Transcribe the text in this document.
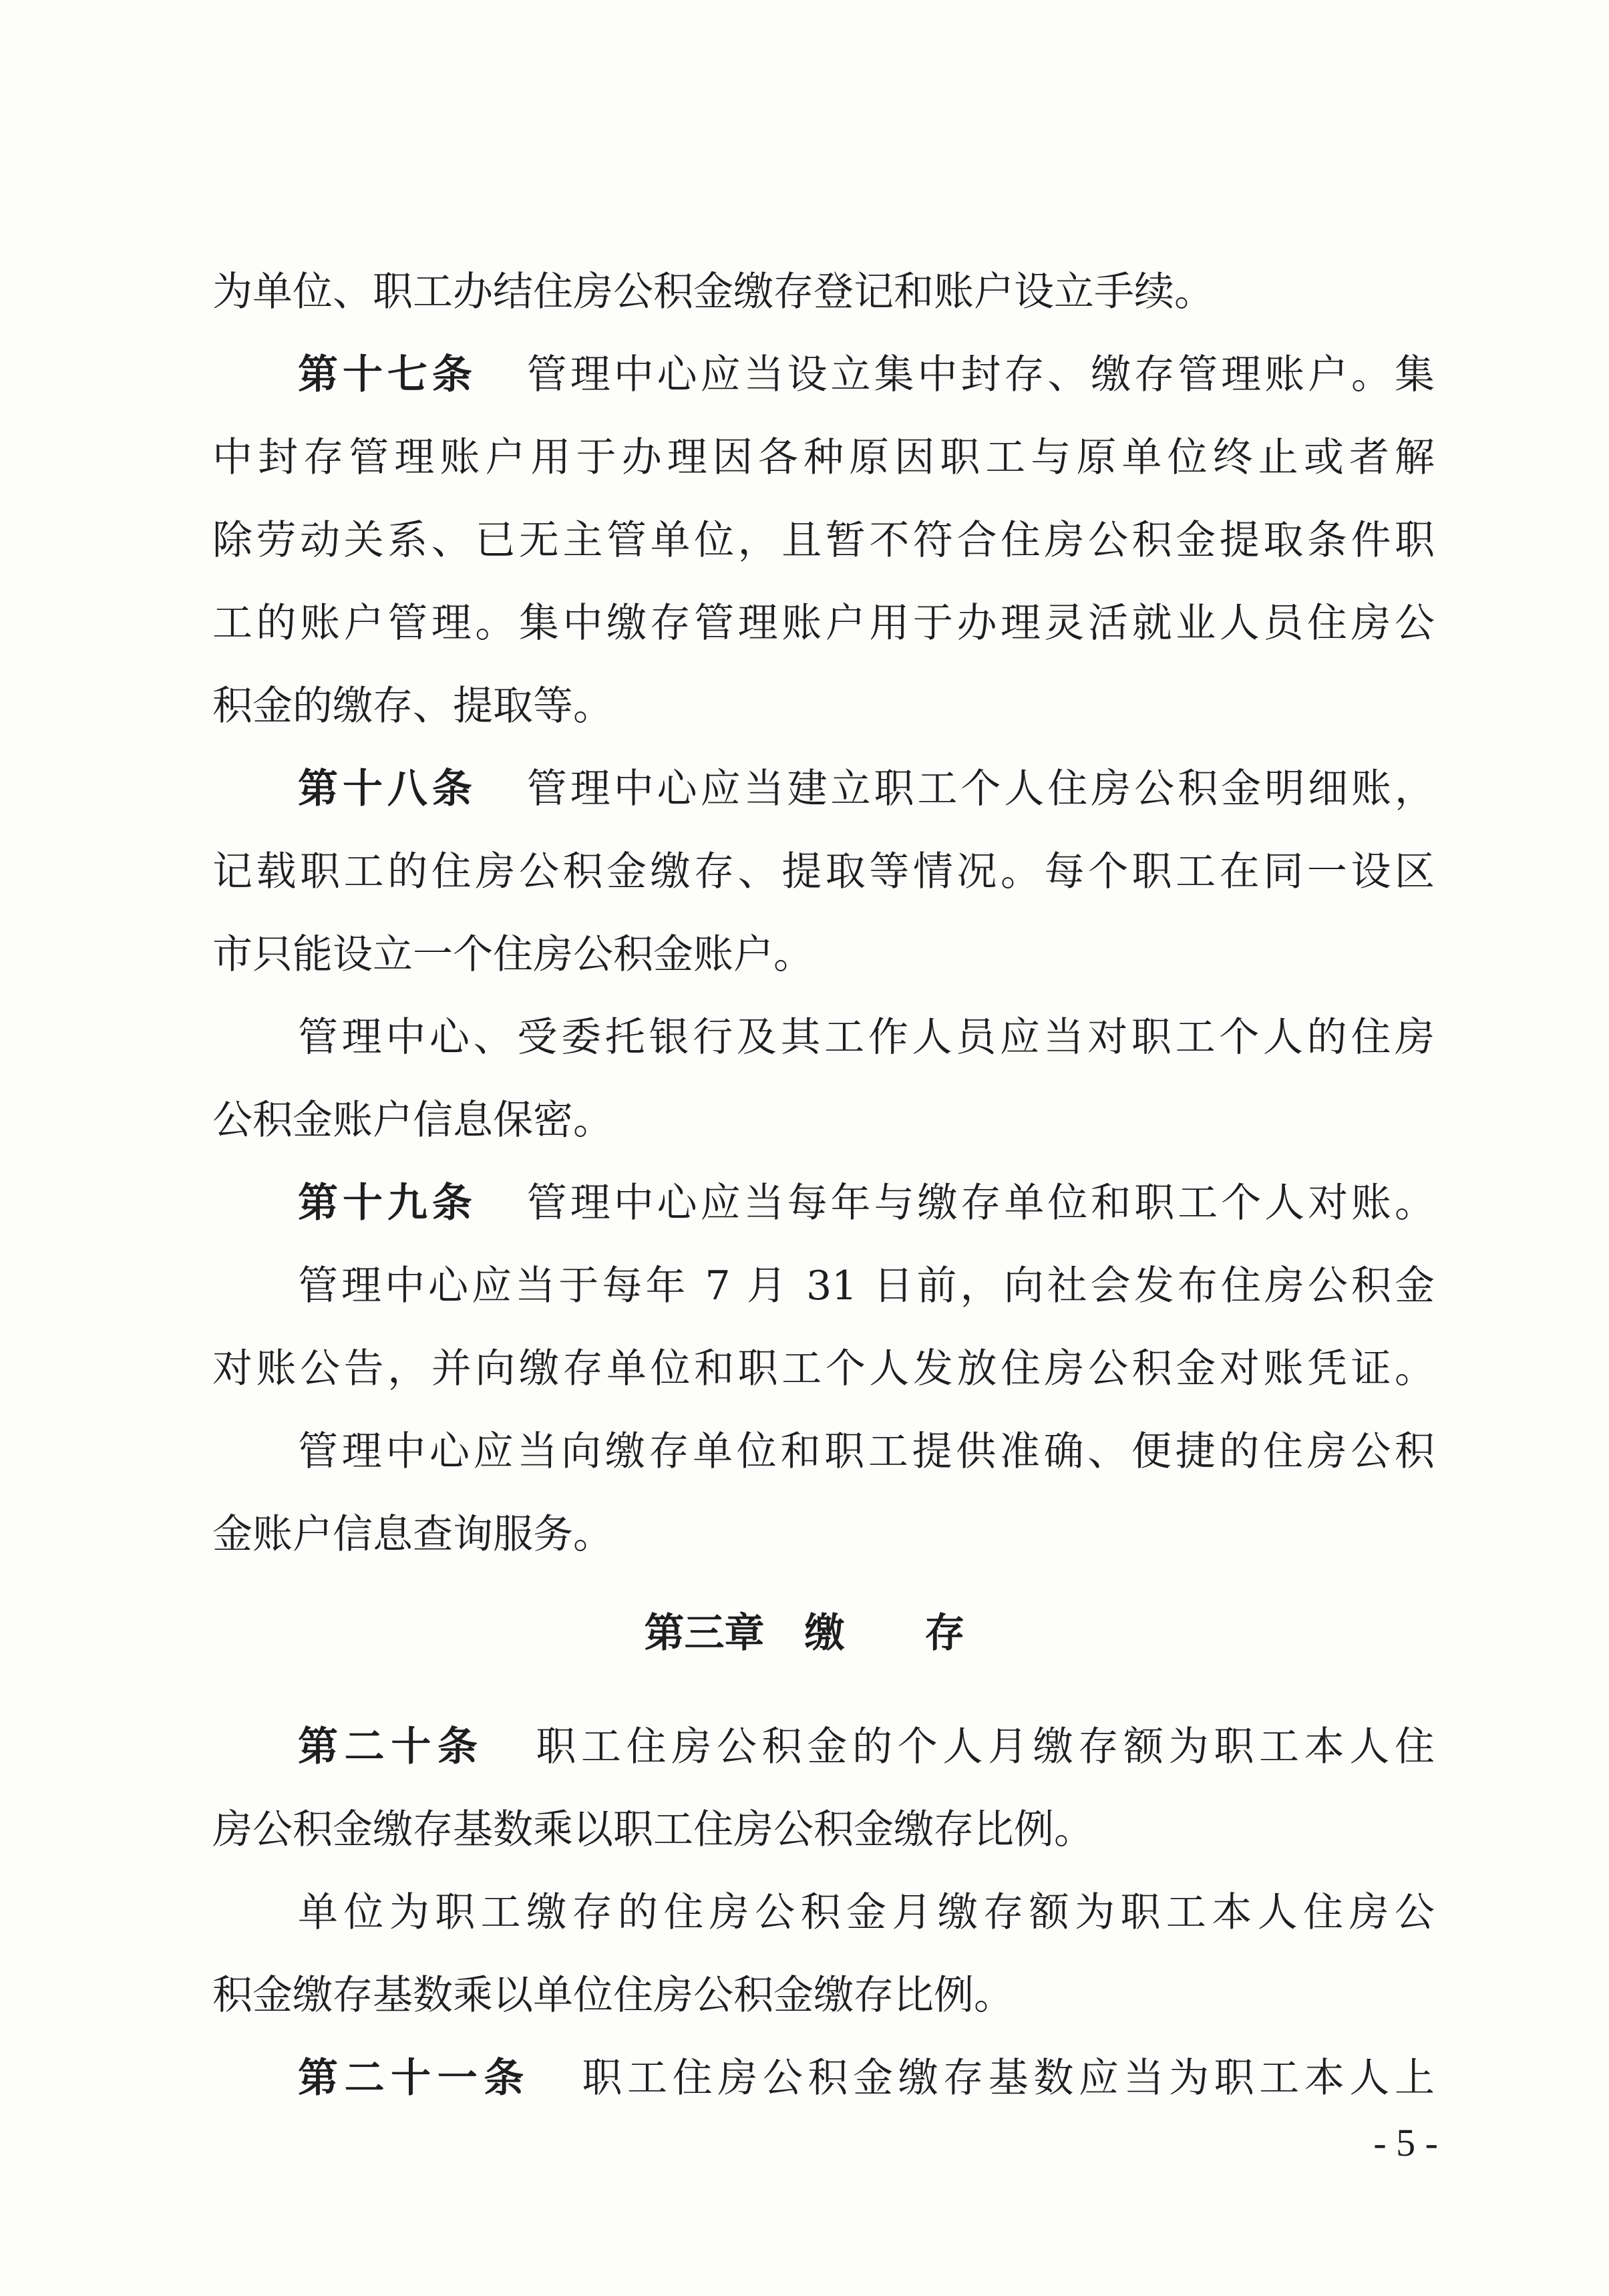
为单位、职工办结住房公积金缴存登记和账户设立手续。
第十七条 管理中心应当设立集中封存、缴存管理账户。集
中封存管理账户用于办理因各种原因职工与原单位终止或者解
除劳动关系、已无主管单位，且暂不符合住房公积金提取条件职
工的账户管理。集中缴存管理账户用于办理灵活就业人员住房公
积金的缴存、提取等。
第十八条 管理中心应当建立职工个人住房公积金明细账，
记载职工的住房公积金缴存、提取等情况。每个职工在同一设区
市只能设立一个住房公积金账户。
管理中心、受委托银行及其工作人员应当对职工个人的住房
公积金账户信息保密。
第十九条 管理中心应当每年与缴存单位和职工个人对账。
管理中心应当于每年 7 月 31 日前，向社会发布住房公积金
对账公告，并向缴存单位和职工个人发放住房公积金对账凭证。
管理中心应当向缴存单位和职工提供准确、便捷的住房公积
金账户信息查询服务。
第三章 缴 存
第二十条 职工住房公积金的个人月缴存额为职工本人住
房公积金缴存基数乘以职工住房公积金缴存比例。
单位为职工缴存的住房公积金月缴存额为职工本人住房公
积金缴存基数乘以单位住房公积金缴存比例。
第二十一条 职工住房公积金缴存基数应当为职工本人上
- 5 -
